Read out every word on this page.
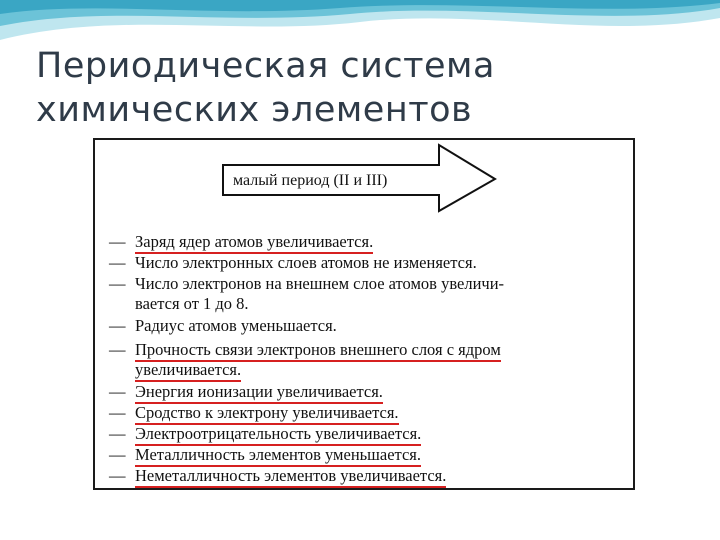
Периодическая система
химических элементов
малый период (II и III)
— Заряд ядер атомов увеличивается.
— Число электронных слоев атомов не изменяется.
— Число электронов на внешнем слое атомов увеличи-
вается от 1 до 8.
— Радиус атомов уменьшается.
— Прочность связи электронов внешнего слоя с ядром
увеличивается.
— Энергия ионизации увеличивается.
— Сродство к электрону увеличивается.
— Электроотрицательность увеличивается.
— Металличность элементов уменьшается.
— Неметалличность элементов увеличивается.
